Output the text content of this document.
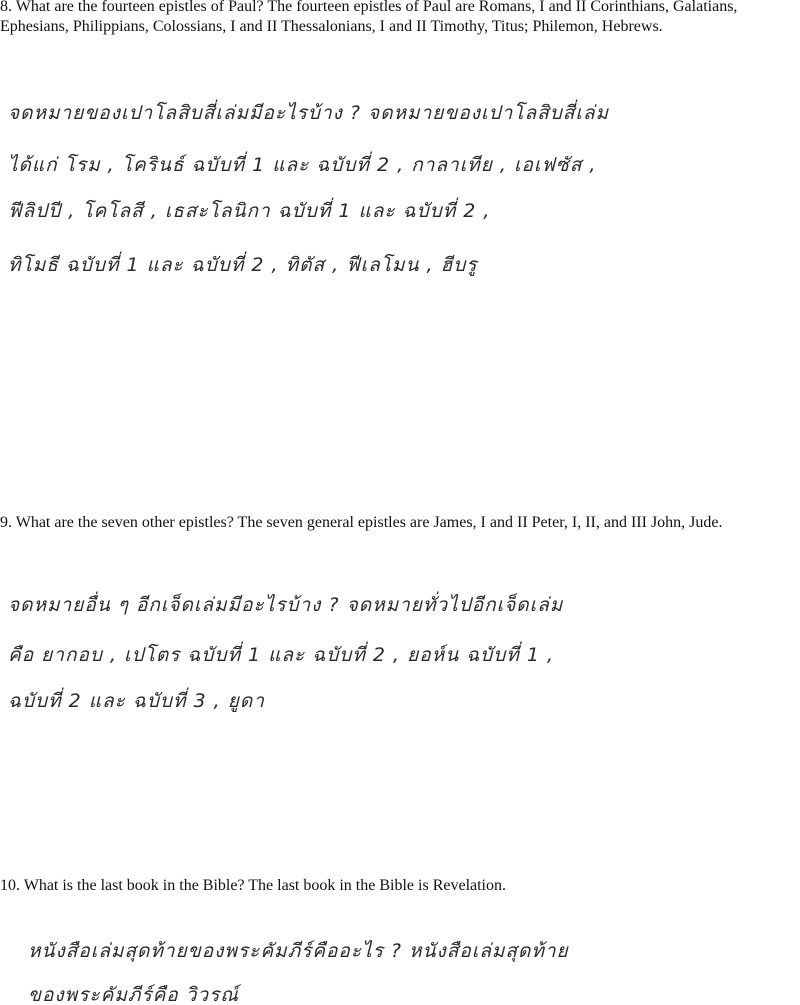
8. What are the fourteen epistles of Paul? The fourteen epistles of Paul are Romans, I and II Corinthians, Galatians, Ephesians, Philippians, Colossians, I and II Thessalonians, I and II Timothy, Titus; Philemon, Hebrews.
จดหมายของเปาโลสิบสี่เล่มมีอะไรบ้าง ? จดหมายของเปาโลสิบสี่เล่ม
ได้แก่ โรม , โครินธ์ ฉบับที่ 1 และ ฉบับที่ 2 , กาลาเทีย , เอเฟซัส ,
ฟีลิปปี , โคโลสี , เธสะโลนิกา ฉบับที่ 1 และ ฉบับที่ 2 ,
ทิโมธี ฉบับที่ 1 และ ฉบับที่ 2 , ทิตัส , ฟีเลโมน , ฮีบรู
9. What are the seven other epistles? The seven general epistles are James, I and II Peter, I, II, and III John, Jude.
จดหมายอื่น ๆ อีกเจ็ดเล่มมีอะไรบ้าง ? จดหมายทั่วไปอีกเจ็ดเล่ม
คือ ยากอบ , เปโตร ฉบับที่ 1 และ ฉบับที่ 2 , ยอห์น ฉบับที่ 1 ,
ฉบับที่ 2 และ ฉบับที่ 3 , ยูดา
10. What is the last book in the Bible? The last book in the Bible is Revelation.
หนังสือเล่มสุดท้ายของพระคัมภีร์คืออะไร ? หนังสือเล่มสุดท้าย
ของพระคัมภีร์คือ วิวรณ์
